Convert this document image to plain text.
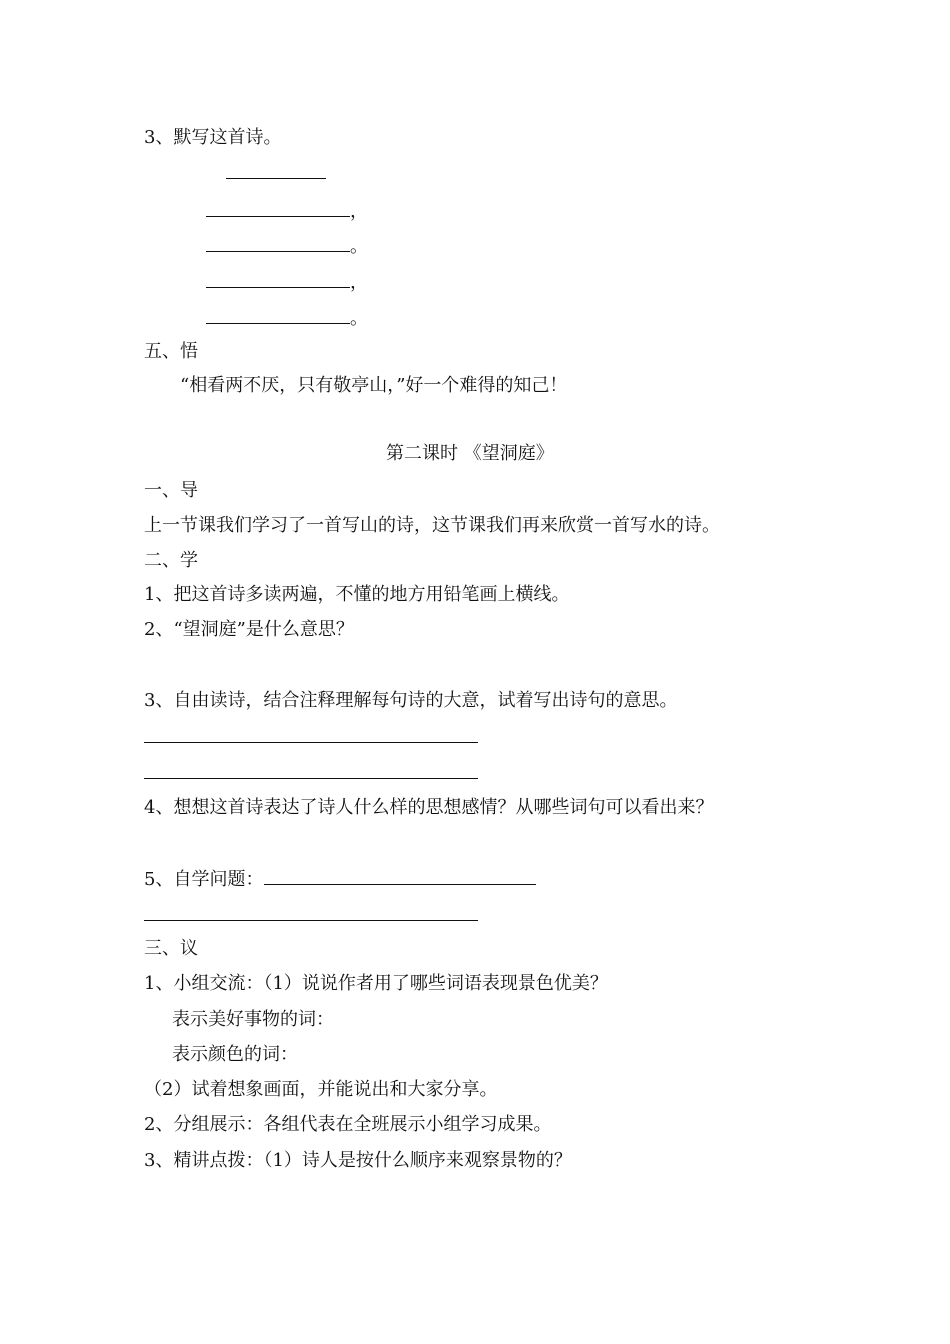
3、默写这首诗。
，
。
，
。
五、悟
“相看两不厌，只有敬亭山，”好一个难得的知己！
第二课时 《望洞庭》
一、导
上一节课我们学习了一首写山的诗，这节课我们再来欣赏一首写水的诗。
二、学
1、把这首诗多读两遍，不懂的地方用铅笔画上横线。
2、“望洞庭”是什么意思？
3、自由读诗，结合注释理解每句诗的大意，试着写出诗句的意思。
4、想想这首诗表达了诗人什么样的思想感情？从哪些词句可以看出来？
5、自学问题：
三、议
1、小组交流：（1）说说作者用了哪些词语表现景色优美？
表示美好事物的词：
表示颜色的词：
（2）试着想象画面，并能说出和大家分享。
2、分组展示：各组代表在全班展示小组学习成果。
3、精讲点拨：（1）诗人是按什么顺序来观察景物的？
